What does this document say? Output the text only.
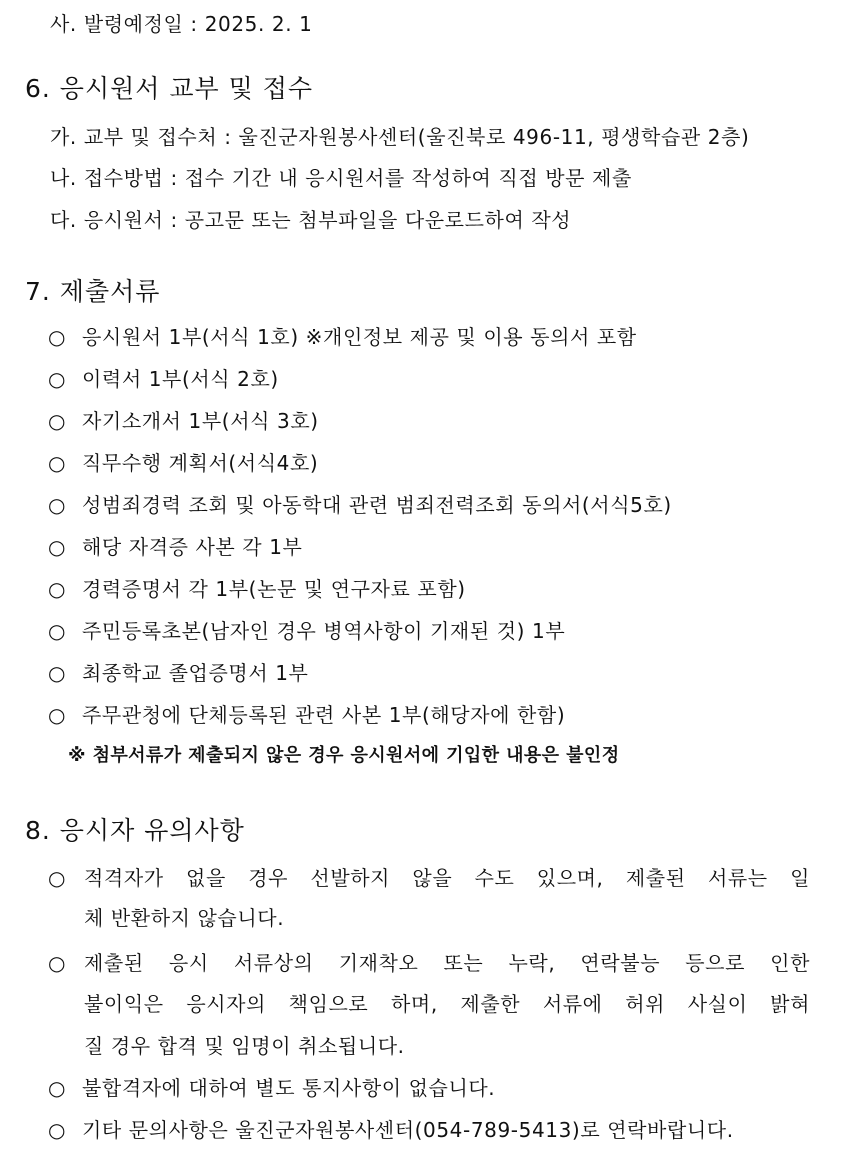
사. 발령예정일 : 2025. 2. 1
6. 응시원서 교부 및 접수
가. 교부 및 접수처 : 울진군자원봉사센터(울진북로 496-11, 평생학습관 2층)
나. 접수방법 : 접수 기간 내 응시원서를 작성하여 직접 방문 제출
다. 응시원서 : 공고문 또는 첨부파일을 다운로드하여 작성
7. 제출서류
○ 응시원서 1부(서식 1호) ※개인정보 제공 및 이용 동의서 포함
○ 이력서 1부(서식 2호)
○ 자기소개서 1부(서식 3호)
○ 직무수행 계획서(서식4호)
○ 성범죄경력 조회 및 아동학대 관련 범죄전력조회 동의서(서식5호)
○ 해당 자격증 사본 각 1부
○ 경력증명서 각 1부(논문 및 연구자료 포함)
○ 주민등록초본(남자인 경우 병역사항이 기재된 것) 1부
○ 최종학교 졸업증명서 1부
○ 주무관청에 단체등록된 관련 사본 1부(해당자에 한함)
※ 첨부서류가 제출되지 않은 경우 응시원서에 기입한 내용은 불인정
8. 응시자 유의사항
○ 적격자가 없을 경우 선발하지 않을 수도 있으며, 제출된 서류는 일
체 반환하지 않습니다.
○ 제출된 응시 서류상의 기재착오 또는 누락, 연락불능 등으로 인한
불이익은 응시자의 책임으로 하며, 제출한 서류에 허위 사실이 밝혀
질 경우 합격 및 임명이 취소됩니다.
○ 불합격자에 대하여 별도 통지사항이 없습니다.
○ 기타 문의사항은 울진군자원봉사센터(054-789-5413)로 연락바랍니다.
